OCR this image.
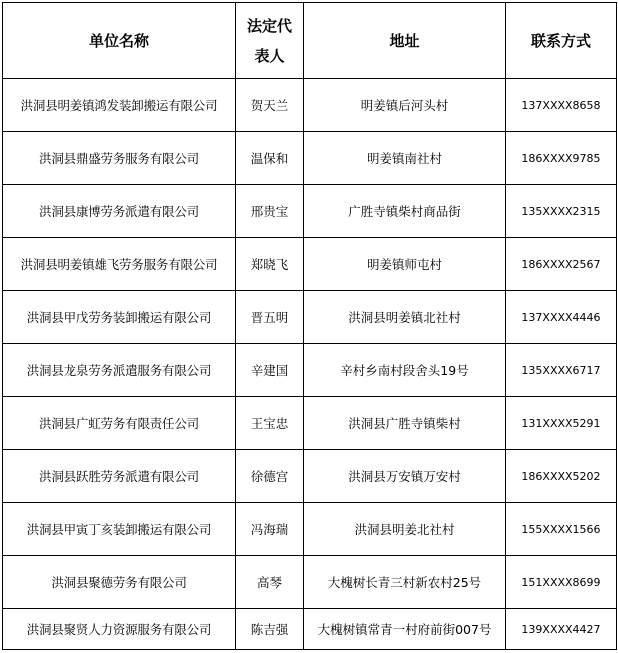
单位名称	法定代表人	地址	联系方式
洪洞县明姜镇鸿发装卸搬运有限公司	贺天兰	明姜镇后河头村	137XXXX8658
洪洞县鼎盛劳务服务有限公司	温保和	明姜镇南社村	186XXXX9785
洪洞县康博劳务派遣有限公司	邢贵宝	广胜寺镇柴村商品街	135XXXX2315
洪洞县明姜镇雄飞劳务服务有限公司	郑晓飞	明姜镇师屯村	186XXXX2567
洪洞县甲戊劳务装卸搬运有限公司	晋五明	洪洞县明姜镇北社村	137XXXX4446
洪洞县龙泉劳务派遣服务有限公司	辛建国	辛村乡南村段舍头19号	135XXXX6717
洪洞县广虹劳务有限责任公司	王宝忠	洪洞县广胜寺镇柴村	131XXXX5291
洪洞县跃胜劳务派遣有限公司	徐德宫	洪洞县万安镇万安村	186XXXX5202
洪洞县甲寅丁亥装卸搬运有限公司	冯海瑞	洪洞县明姜北社村	155XXXX1566
洪洞县聚德劳务有限公司	高琴	大槐树长青三村新农村25号	151XXXX8699
洪洞县聚贤人力资源服务有限公司	陈吉强	大槐树镇常青一村府前街007号	139XXXX4427
